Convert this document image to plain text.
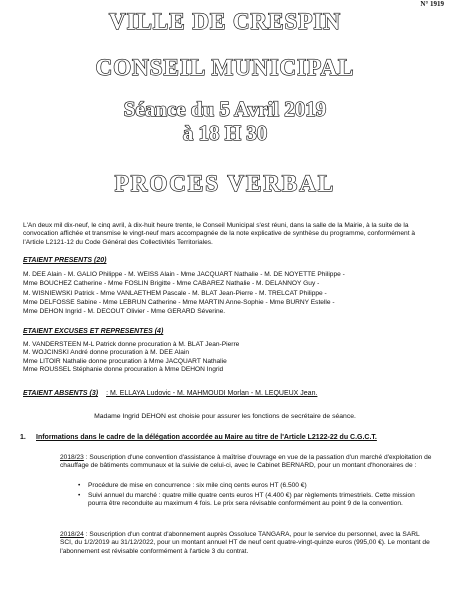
N° 1919
VILLE DE CRESPIN
CONSEIL MUNICIPAL
Séance du 5 Avril 2019
à 18 H 30
PROCES VERBAL
L'An deux mil dix-neuf, le cinq avril, à dix-huit heure trente, le Conseil Municipal s'est réuni, dans la salle de la Mairie, à la suite de la convocation affichée et transmise le vingt-neuf mars accompagnée de la note explicative de synthèse du programme, conformément à l'Article L2121-12 du Code Général des Collectivités Territoriales.
ETAIENT PRESENTS (20)
M. DEE Alain - M. GALIO Philippe - M. WEISS Alain - Mme JACQUART Nathalie - M. DE NOYETTE Philippe -
Mme BOUCHEZ Catherine - Mme FOSLIN Brigitte - Mme CABAREZ Nathalie - M. DELANNOY Guy -
M. WISNIEWSKI Patrick - Mme VANLAETHEM Pascale - M. BLAT Jean-Pierre - M. TRELCAT Philippe -
Mme DELFOSSE Sabine - Mme LEBRUN Catherine - Mme MARTIN Anne-Sophie - Mme BURNY Estelle -
Mme DEHON Ingrid - M. DECOUT Olivier - Mme GERARD Séverine.
ETAIENT EXCUSES ET REPRESENTES (4)
M. VANDERSTEEN M-L Patrick donne procuration à M. BLAT Jean-Pierre
M. WOJCINSKI André donne procuration à M. DEE Alain
Mme LITOIR Nathalie donne procuration à Mme JACQUART Nathalie
Mme ROUSSEL Stéphanie donne procuration à Mme DEHON Ingrid
ETAIENT ABSENTS (3) : M. ELLAYA Ludovic - M. MAHMOUDI Morlan - M. LEQUEUX Jean.
Madame Ingrid DEHON est choisie pour assurer les fonctions de secrétaire de séance.
1. Informations dans le cadre de la délégation accordée au Maire au titre de l'Article L2122-22 du C.G.C.T.
2018/23 : Souscription d'une convention d'assistance à maîtrise d'ouvrage en vue de la passation d'un marché d'exploitation de chauffage de bâtiments communaux et la suivie de celui-ci, avec le Cabinet BERNARD, pour un montant d'honoraires de :
• Procédure de mise en concurrence : six mile cinq cents euros HT (6.500 €)
• Suivi annuel du marché : quatre mille quatre cents euros HT (4.400 €) par règlements trimestriels. Cette mission pourra être reconduite au maximum 4 fois. Le prix sera révisable conformément au point 9 de la convention.
2018/24 : Souscription d'un contrat d'abonnement auprès Ossoluce TANGARA, pour le service du personnel, avec la SARL SCI, du 1/2/2019 au 31/12/2022, pour un montant annuel HT de neuf cent quatre-vingt-quinze euros (995,00 €). Le montant de l'abonnement est révisable conformément à l'article 3 du contrat.
